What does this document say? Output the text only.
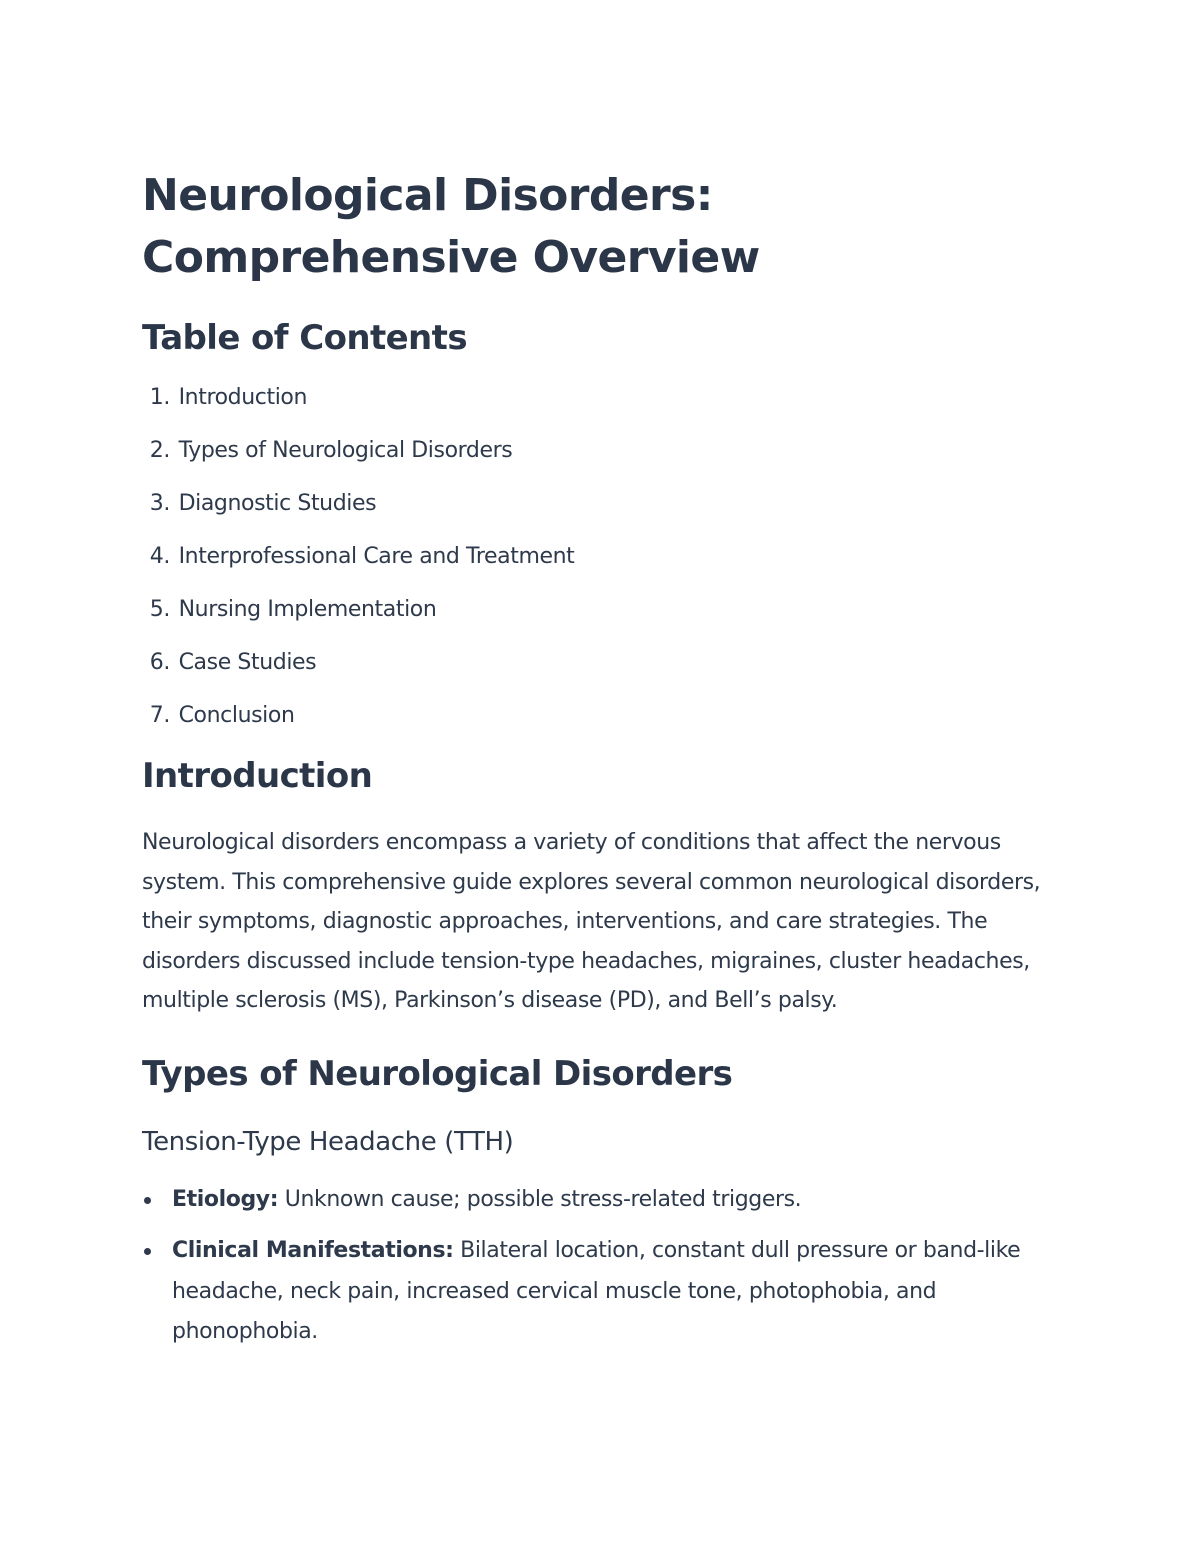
Neurological Disorders: Comprehensive Overview
Table of Contents
1. Introduction
2. Types of Neurological Disorders
3. Diagnostic Studies
4. Interprofessional Care and Treatment
5. Nursing Implementation
6. Case Studies
7. Conclusion
Introduction

Neurological disorders encompass a variety of conditions that affect the nervous system. This comprehensive guide explores several common neurological disorders, their symptoms, diagnostic approaches, interventions, and care strategies. The disorders discussed include tension-type headaches, migraines, cluster headaches, multiple sclerosis (MS), Parkinson’s disease (PD), and Bell’s palsy.

Types of Neurological Disorders
Tension-Type Headache (TTH)
Etiology: Unknown cause; possible stress-related triggers.
Clinical Manifestations: Bilateral location, constant dull pressure or band-like headache, neck pain, increased cervical muscle tone, photophobia, and phonophobia.
